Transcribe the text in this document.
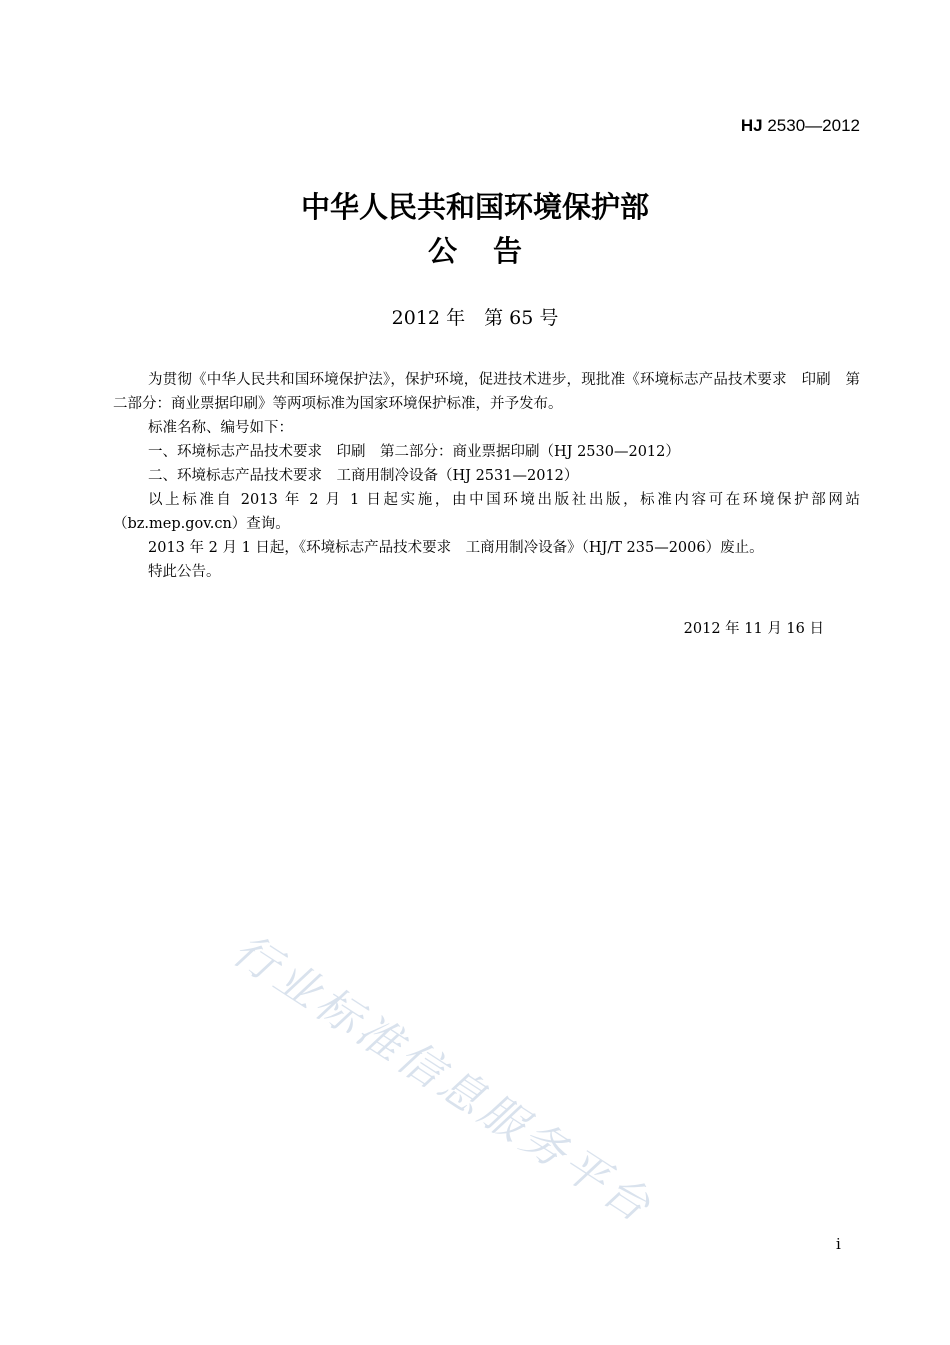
HJ 2530—2012
中华人民共和国环境保护部
公告
2012 年　第 65 号

为贯彻《中华人民共和国环境保护法》，保护环境，促进技术进步，现批准《环境标志产品技术要求　印刷　第二部分：商业票据印刷》等两项标准为国家环境保护标准，并予发布。

标准名称、编号如下：

一、环境标志产品技术要求　印刷　第二部分：商业票据印刷（HJ 2530—2012）

二、环境标志产品技术要求　工商用制冷设备（HJ 2531—2012）

以上标准自 2013 年 2 月 1 日起实施，由中国环境出版社出版，标准内容可在环境保护部网站（bz.mep.gov.cn）查询。

2013 年 2 月 1 日起，《环境标志产品技术要求　工商用制冷设备》（HJ/T 235—2006）废止。

特此公告。

2012 年 11 月 16 日
行业标准信息服务平台
i
